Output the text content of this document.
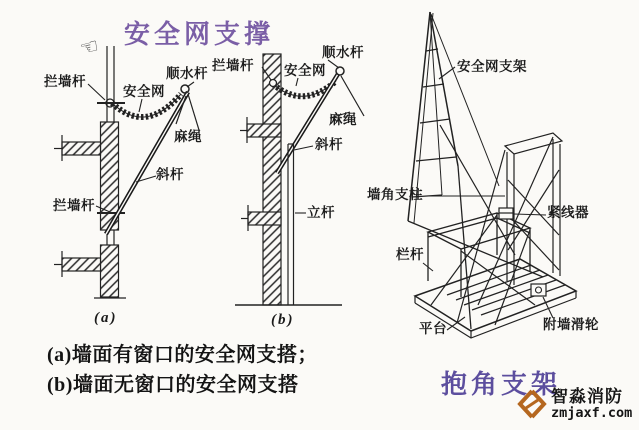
安全网支撑
☜
拦墙杆
安全网
顺水杆
麻绳
斜杆
拦墙杆
(a)
拦墙杆 安全网
顺水杆
麻绳
斜杆
立杆
(b)
安全网支架
墙角支柱
紧线器
栏杆
平台	附墙滑轮
(a)墙面有窗口的安全网支搭；
(b)墙面无窗口的安全网支搭	抱角支架
智淼消防
zmjaxf.com
